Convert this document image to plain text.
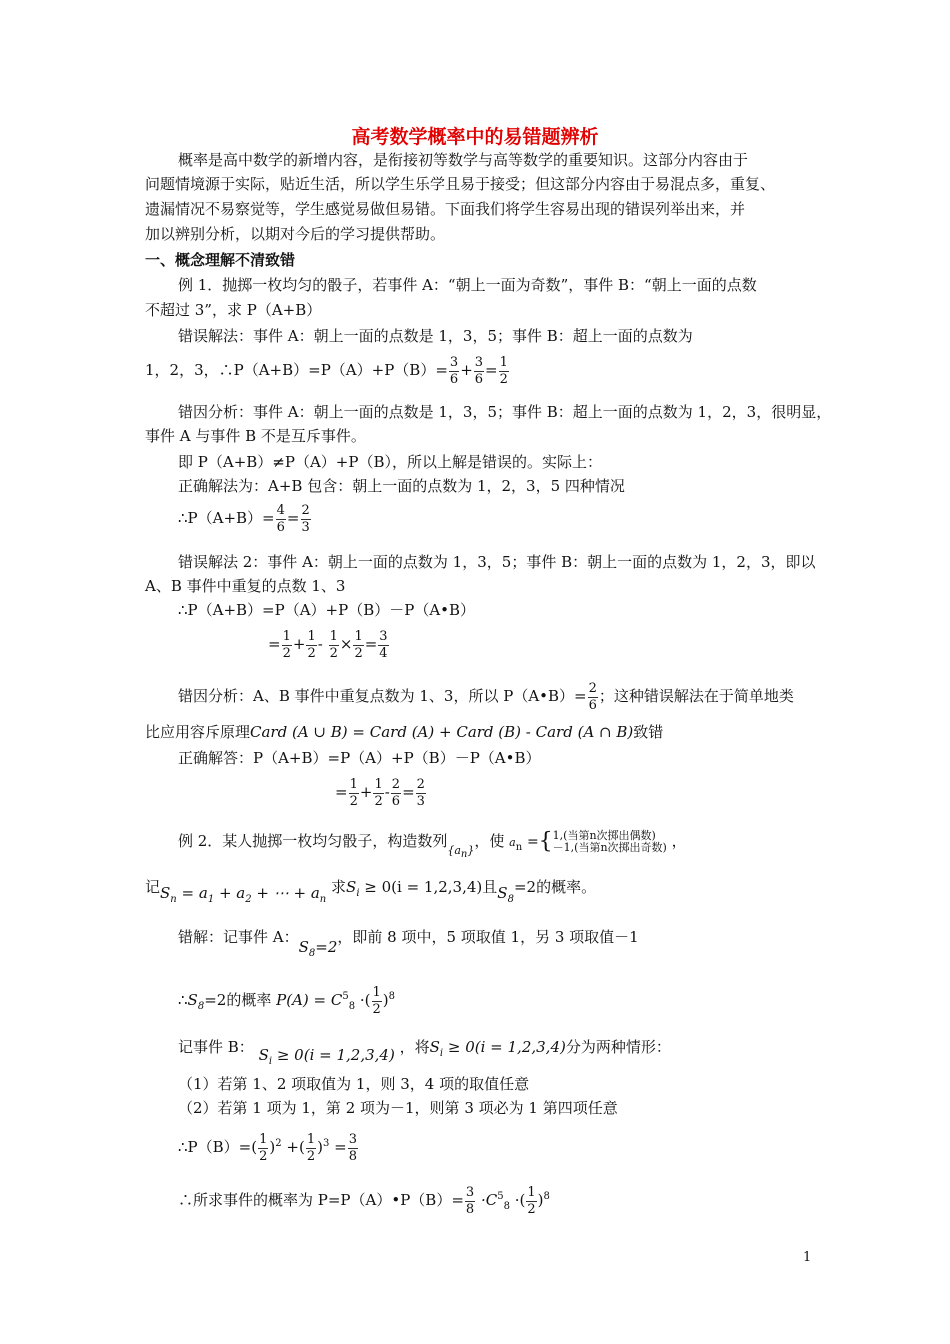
高考数学概率中的易错题辨析
概率是高中数学的新增内容，是衔接初等数学与高等数学的重要知识。这部分内容由于
问题情境源于实际，贴近生活，所以学生乐学且易于接受；但这部分内容由于易混点多，重复、
遗漏情况不易察觉等，学生感觉易做但易错。下面我们将学生容易出现的错误列举出来，并
加以辨别分析，以期对今后的学习提供帮助。
一、概念理解不清致错
例 1．抛掷一枚均匀的骰子，若事件 A：“朝上一面为奇数”，事件 B：“朝上一面的点数
不超过 3”，求 P（A+B）
错误解法：事件 A：朝上一面的点数是 1，3，5；事件 B：超上一面的点数为
1，2，3，∴P（A+B）=P（A）+P（B）= $\frac{3}{6} + \frac{3}{6} = \frac{1}{2}$
错因分析：事件 A：朝上一面的点数是 1，3，5；事件 B：超上一面的点数为 1，2，3，很明显，
事件 A 与事件 B 不是互斥事件。
即 P（A+B）≠P（A）+P（B），所以上解是错误的。实际上：
正确解法为：A+B 包含：朝上一面的点数为 1，2，3，5 四种情况
∴P（A+B）= $\frac{4}{6} = \frac{2}{3}$
错误解法 2：事件 A：朝上一面的点数为 1，3，5；事件 B：朝上一面的点数为 1，2，3，即以
A、B 事件中重复的点数 1、3
∴P（A+B）=P（A）+P（B）－P（A•B）
= $\frac{1}{2} + \frac{1}{2} - \frac{1}{2} \times \frac{1}{2} = \frac{3}{4}$
错因分析：A、B 事件中重复点数为 1、3，所以 P（A•B）= $\frac{2}{6}$ ；这种错误解法在于简单地类
比应用容斥原理Card (A ∪ B) = Card (A) + Card (B) - Card (A ∩ B)致错
正确解答：P（A+B）=P（A）+P（B）－P（A•B）
= $\frac{1}{2} + \frac{1}{2} - \frac{2}{6} = \frac{2}{3}$
例 2．某人抛掷一枚均匀骰子，构造数列$_{\{an\}}$，使 $a_n$ ={ 1,(当第n次掷出偶数)
－1,(当第n次掷出奇数) ，
记$S_n = a_1 + a_2$ + ⋯ + $a_n$ 求$S_i \ge 0(i = 1,2,3,4)$且$S_8=2$的概率。
错解：记事件 A：$S_8=2$，即前 8 项中，5 项取值 1，另 3 项取值－1
$\therefore S_8=2$的概率 $P(A) = C^5_8$ ·( $\frac{1}{2} )^8$
记事件 B： $S_i \ge 0(i = 1,2,3,4)$ ，将$S_i \ge 0(i = 1,2,3,4)$分为两种情形：
（1）若第 1、2 项取值为 1，则 3，4 项的取值任意
（2）若第 1 项为 1，第 2 项为－1，则第 3 项必为 1 第四项任意
∴P（B）=( $\frac{1}{2} )^2$ +( $\frac{1}{2} )^3 = \frac{3}{8}$
∴所求事件的概率为 P=P（A）•P（B）= $\frac{3}{8} \cdot C^5_8$ ·( $\frac{1}{2} )^8$
1
